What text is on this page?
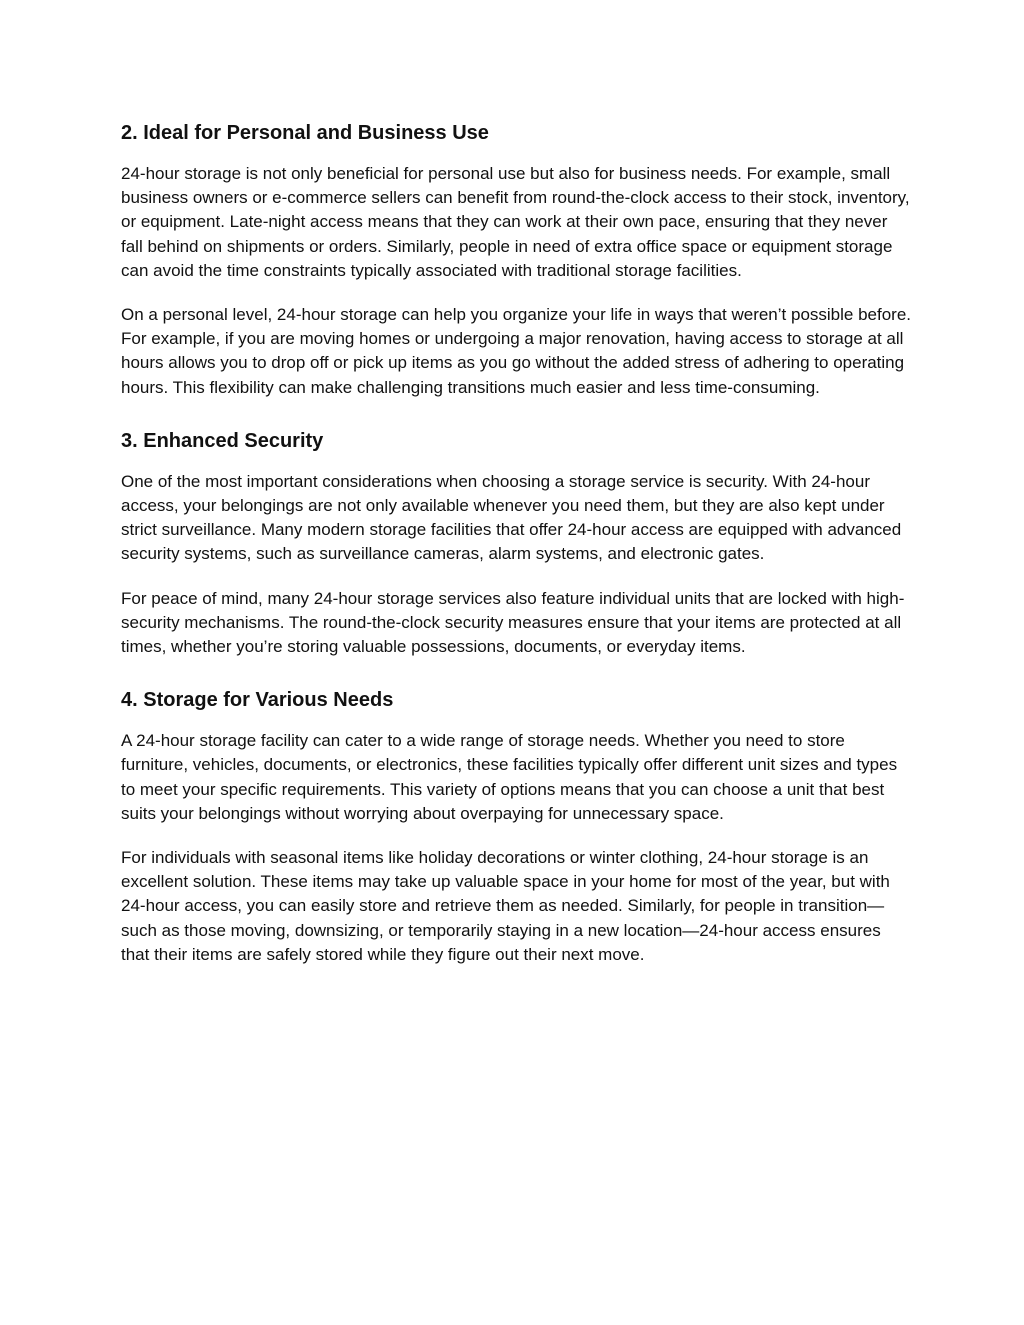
2. Ideal for Personal and Business Use

24-hour storage is not only beneficial for personal use but also for business needs. For example, small business owners or e-commerce sellers can benefit from round-the-clock access to their stock, inventory, or equipment. Late-night access means that they can work at their own pace, ensuring that they never fall behind on shipments or orders. Similarly, people in need of extra office space or equipment storage can avoid the time constraints typically associated with traditional storage facilities.

On a personal level, 24-hour storage can help you organize your life in ways that weren’t possible before. For example, if you are moving homes or undergoing a major renovation, having access to storage at all hours allows you to drop off or pick up items as you go without the added stress of adhering to operating hours. This flexibility can make challenging transitions much easier and less time-consuming.

3. Enhanced Security

One of the most important considerations when choosing a storage service is security. With 24-hour access, your belongings are not only available whenever you need them, but they are also kept under strict surveillance. Many modern storage facilities that offer 24-hour access are equipped with advanced security systems, such as surveillance cameras, alarm systems, and electronic gates.

For peace of mind, many 24-hour storage services also feature individual units that are locked with high-security mechanisms. The round-the-clock security measures ensure that your items are protected at all times, whether you’re storing valuable possessions, documents, or everyday items.

4. Storage for Various Needs

A 24-hour storage facility can cater to a wide range of storage needs. Whether you need to store furniture, vehicles, documents, or electronics, these facilities typically offer different unit sizes and types to meet your specific requirements. This variety of options means that you can choose a unit that best suits your belongings without worrying about overpaying for unnecessary space.

For individuals with seasonal items like holiday decorations or winter clothing, 24-hour storage is an excellent solution. These items may take up valuable space in your home for most of the year, but with 24-hour access, you can easily store and retrieve them as needed. Similarly, for people in transition—such as those moving, downsizing, or temporarily staying in a new location—24-hour access ensures that their items are safely stored while they figure out their next move.
